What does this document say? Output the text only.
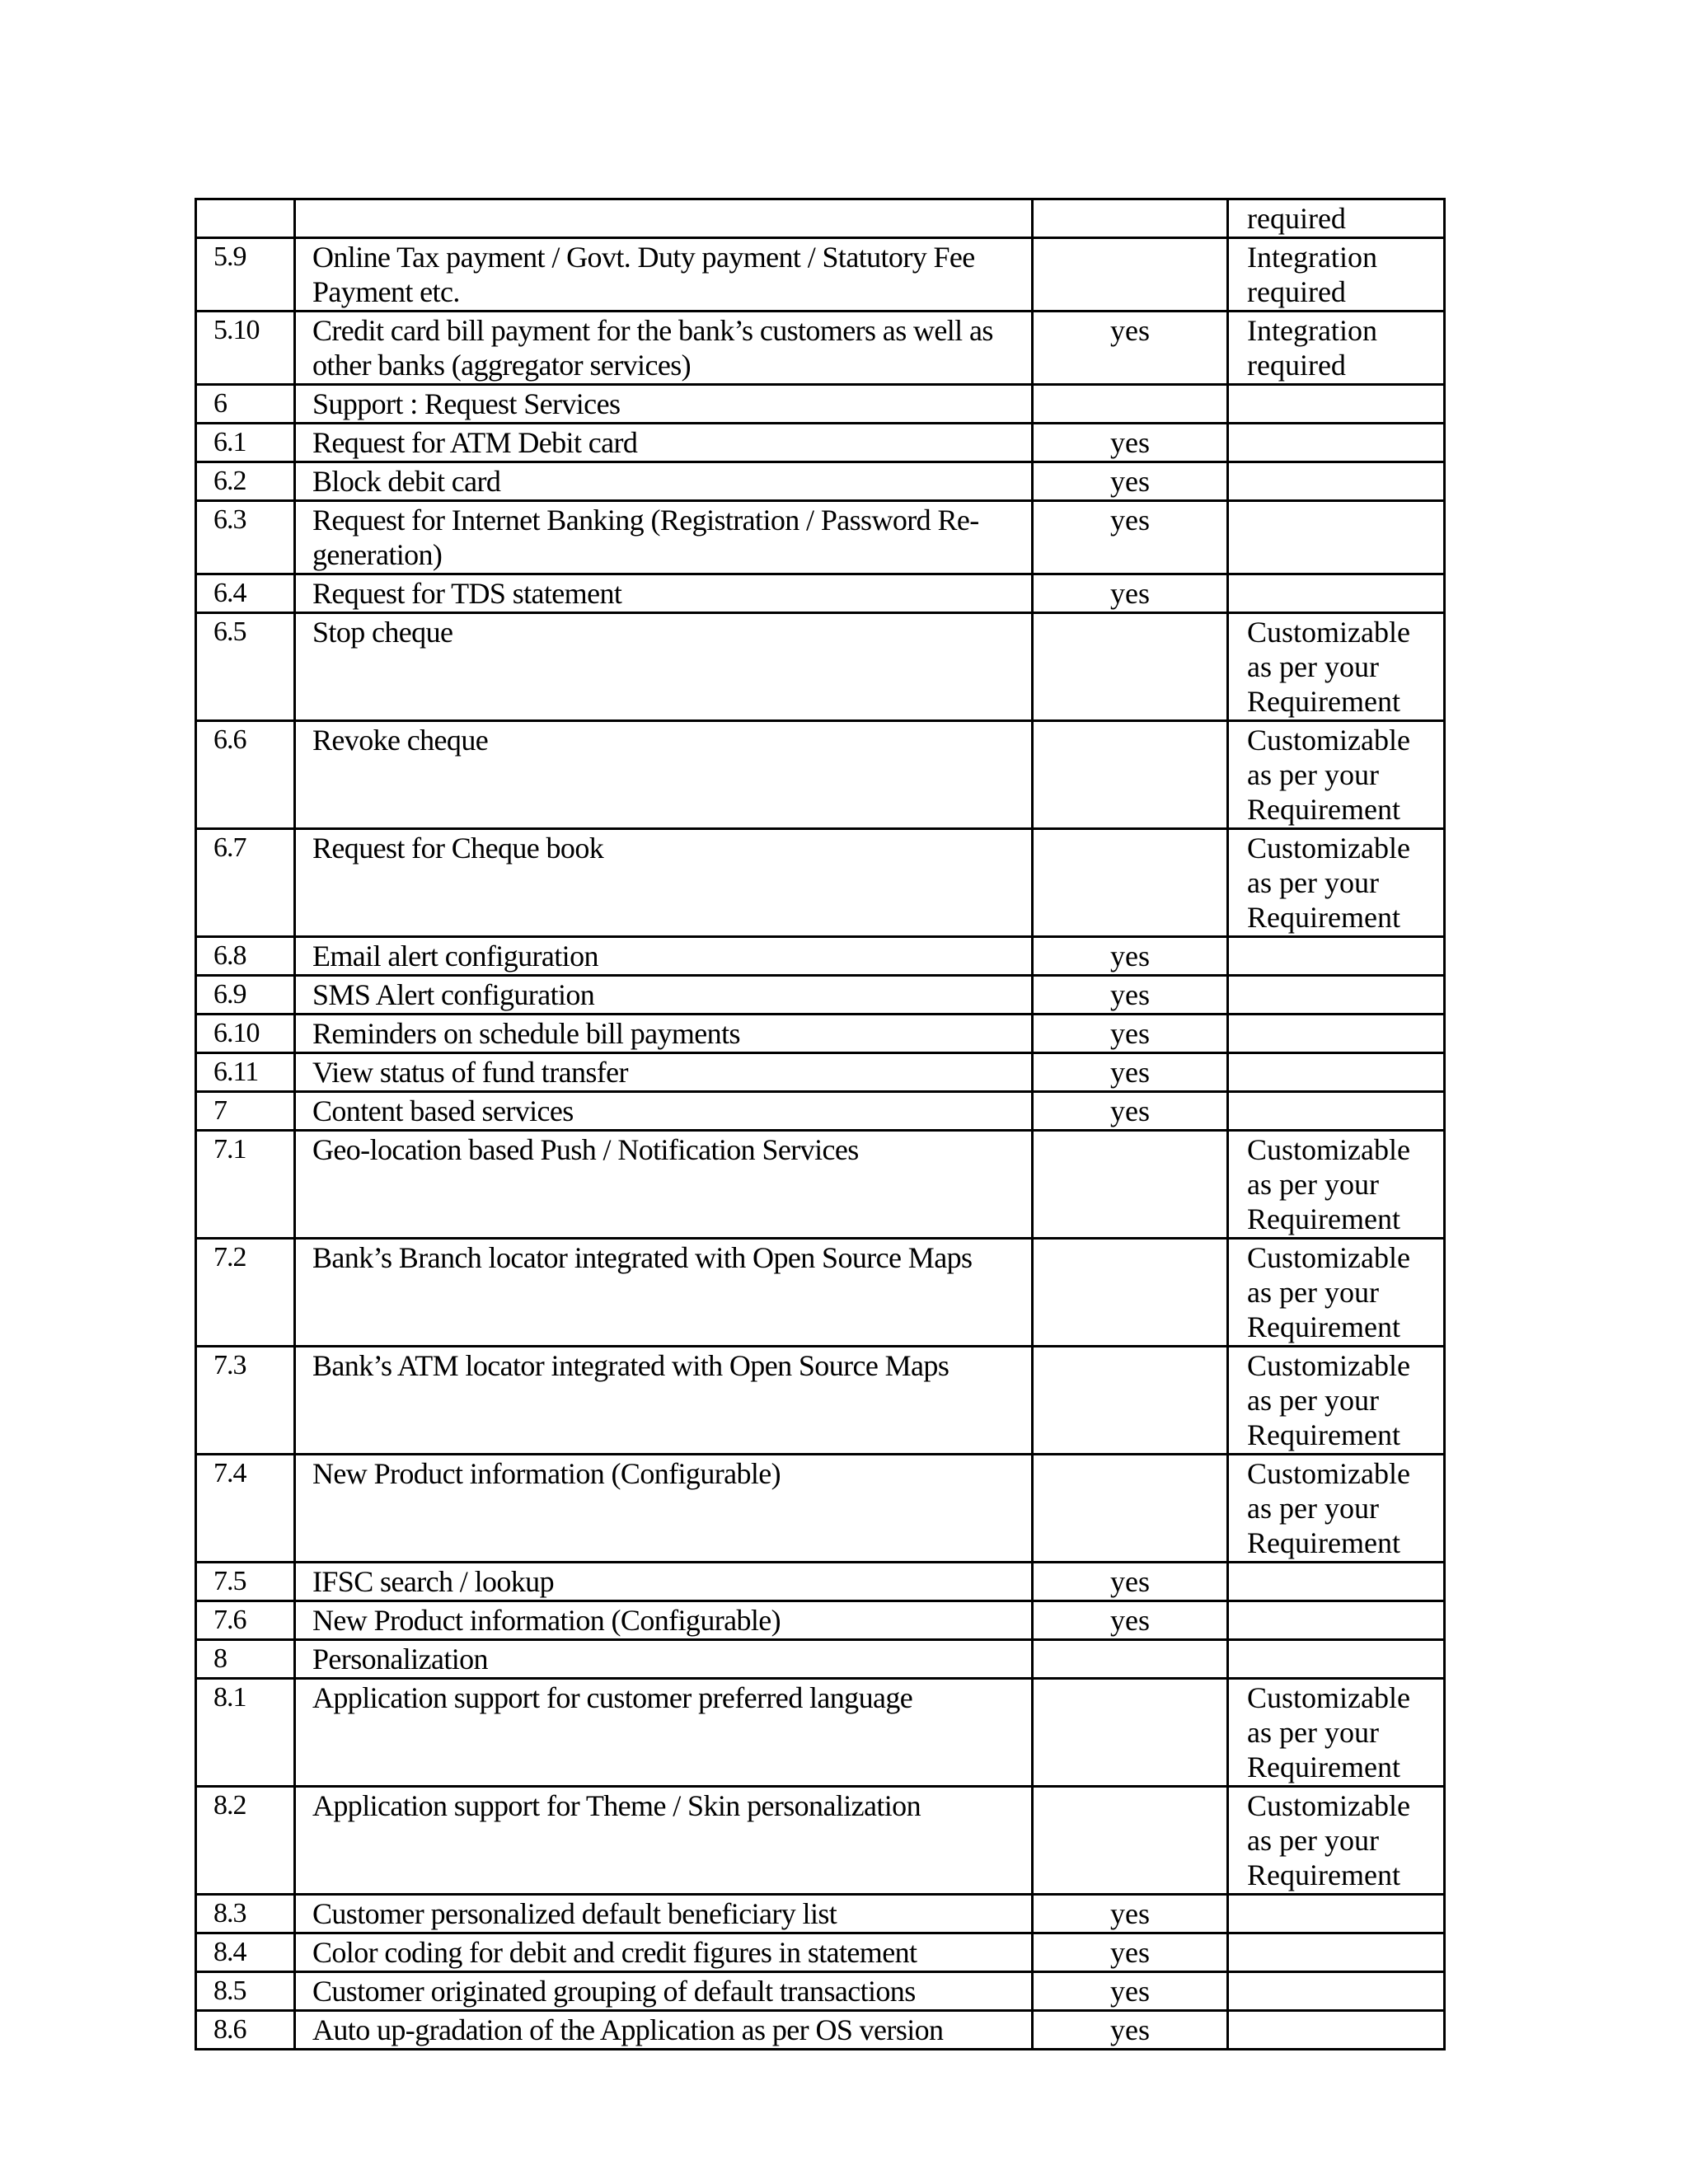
			required
5.9	Online Tax payment / Govt. Duty payment / Statutory Fee Payment etc.		Integration required
5.10	Credit card bill payment for the bank’s customers as well as other banks (aggregator services)	yes	Integration required
6	Support : Request Services		
6.1	Request for ATM Debit card	yes	
6.2	Block debit card	yes	
6.3	Request for Internet Banking (Registration / Password Re-generation)	yes	
6.4	Request for TDS statement	yes	
6.5	Stop cheque		Customizable as per your Requirement
6.6	Revoke cheque		Customizable as per your Requirement
6.7	Request for Cheque book		Customizable as per your Requirement
6.8	Email alert configuration	yes	
6.9	SMS Alert configuration	yes	
6.10	Reminders on schedule bill payments	yes	
6.11	View status of fund transfer	yes	
7	Content based services	yes	
7.1	Geo-location based Push / Notification Services		Customizable as per your Requirement
7.2	Bank’s Branch locator integrated with Open Source Maps		Customizable as per your Requirement
7.3	Bank’s ATM locator integrated with Open Source Maps		Customizable as per your Requirement
7.4	New Product information (Configurable)		Customizable as per your Requirement
7.5	IFSC search / lookup	yes	
7.6	New Product information (Configurable)	yes	
8	Personalization		
8.1	Application support for customer preferred language		Customizable as per your Requirement
8.2	Application support for Theme / Skin personalization		Customizable as per your Requirement
8.3	Customer personalized default beneficiary list	yes	
8.4	Color coding for debit and credit figures in statement	yes	
8.5	Customer originated grouping of default transactions	yes	
8.6	Auto up-gradation of the Application as per OS version	yes	
